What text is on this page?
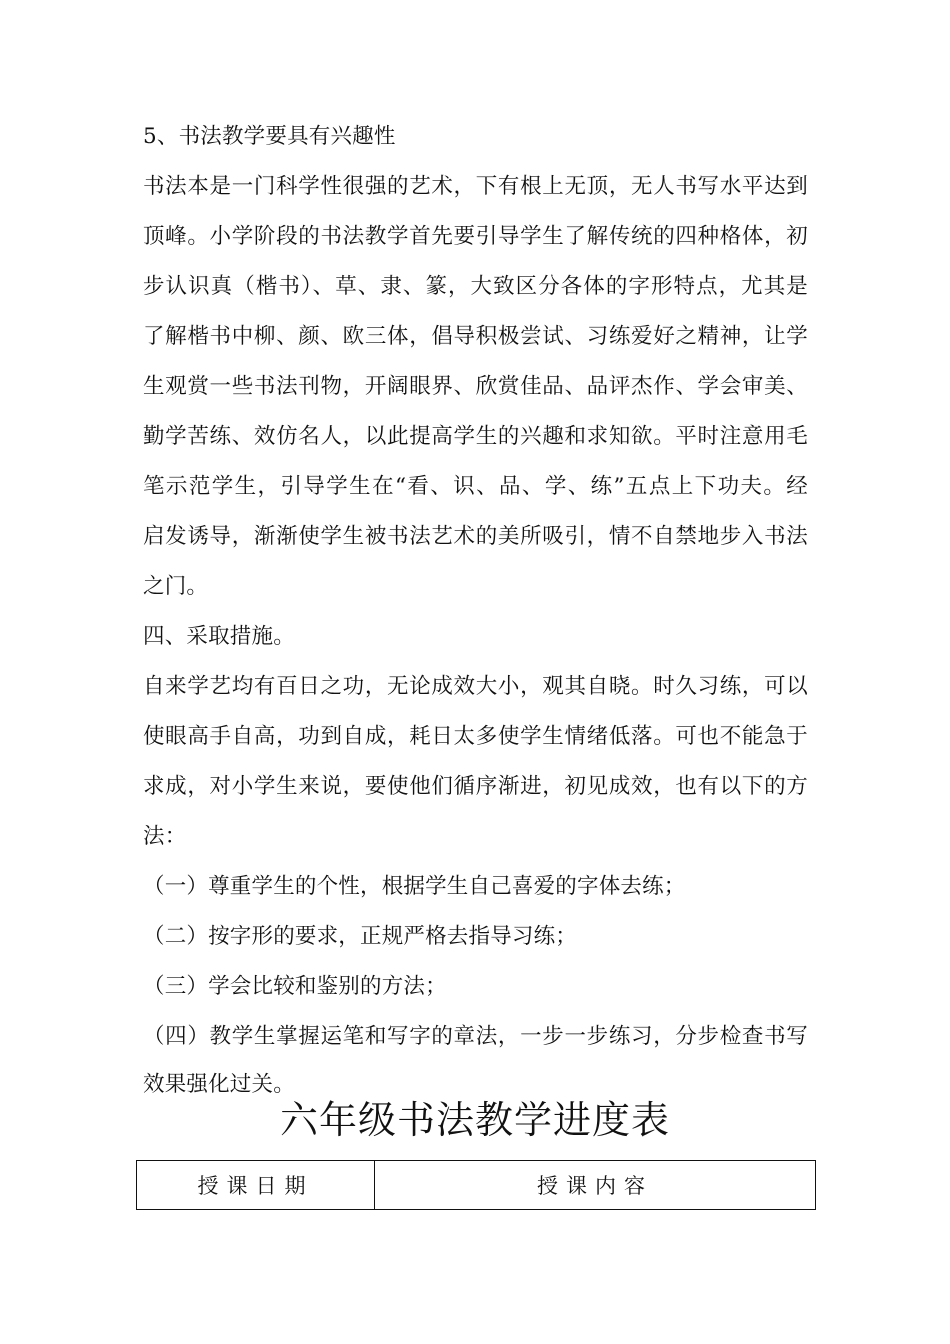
5、书法教学要具有兴趣性
书法本是一门科学性很强的艺术，下有根上无顶，无人书写水平达到
顶峰。小学阶段的书法教学首先要引导学生了解传统的四种格体，初
步认识真（楷书）、草、隶、篆，大致区分各体的字形特点，尤其是
了解楷书中柳、颜、欧三体，倡导积极尝试、习练爱好之精神，让学
生观赏一些书法刊物，开阔眼界、欣赏佳品、品评杰作、学会审美、
勤学苦练、效仿名人，以此提高学生的兴趣和求知欲。平时注意用毛
笔示范学生，引导学生在“看、识、品、学、练”五点上下功夫。经
启发诱导，渐渐使学生被书法艺术的美所吸引，情不自禁地步入书法
之门。
四、采取措施。
自来学艺均有百日之功，无论成效大小，观其自晓。时久习练，可以
使眼高手自高，功到自成，耗日太多使学生情绪低落。可也不能急于
求成，对小学生来说，要使他们循序渐进，初见成效，也有以下的方
法：
（一）尊重学生的个性，根据学生自己喜爱的字体去练；
（二）按字形的要求，正规严格去指导习练；
（三）学会比较和鉴别的方法；
（四）教学生掌握运笔和写字的章法，一步一步练习，分步检查书写
效果强化过关。
六年级书法教学进度表
授课日期	授课内容
